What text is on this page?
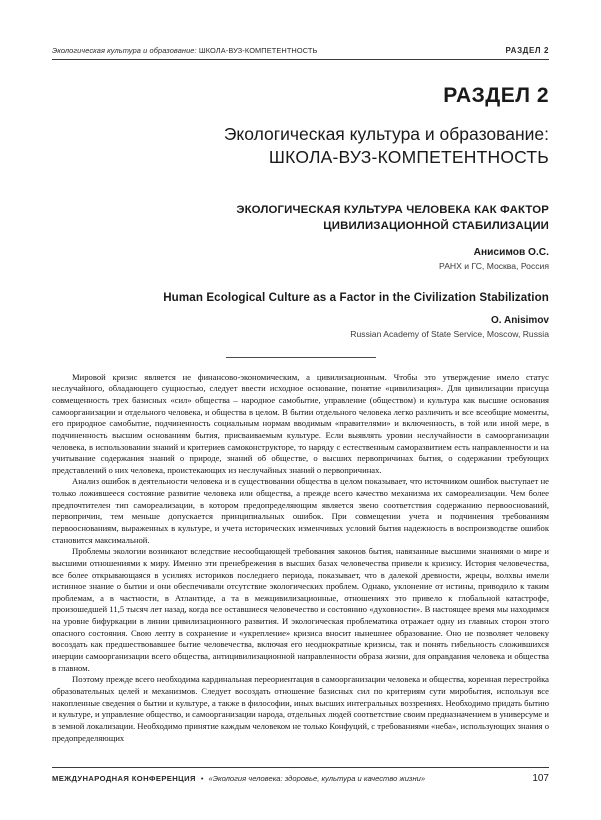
Экологическая культура и образование: ШКОЛА-ВУЗ-КОМПЕТЕНТНОСТЬ	РАЗДЕЛ 2
РАЗДЕЛ 2
Экологическая культура и образование:
ШКОЛА-ВУЗ-КОМПЕТЕНТНОСТЬ
ЭКОЛОГИЧЕСКАЯ КУЛЬТУРА ЧЕЛОВЕКА КАК ФАКТОР
ЦИВИЛИЗАЦИОННОЙ СТАБИЛИЗАЦИИ
Анисимов О.С.
РАНХ и ГС, Москва, Россия
Human Ecological Culture as a Factor in the Civilization Stabilization
O. Anisimov
Russian Academy of State Service, Moscow, Russia

Мировой кризис является не финансово-экономическим, а цивилизационным. Чтобы это утверждение имело статус неслучайного, обладающего сущностью, следует ввести исходное основание, понятие «цивилизация». Для цивилизации присуща совмещенность трех базисных «сил» общества – народное самобытие, управление (обществом) и культура как высшие основания самоорганизации и отдельного человека, и общества в целом. В бытии отдельного человека легко различить и все всеобщие моменты, его природное самобытие, подчиненность социальным нормам вводимым «правителями» и включенность, в той или иной мере, в подчиненность высшим основаниям бытия, присваиваемым культуре. Если выявлять уровни неслучайности в самоорганизации человека, в использовании знаний и критериев самоконструкторе, то наряду с естественным саморазвитием есть направленности и на учитывание содержания знаний о природе, знаний об обществе, о высших первопричинах бытия, о содержании требующих представлений о них человека, проистекающих из неслучайных знаний о первопричинах.

Анализ ошибок в деятельности человека и в существовании общества в целом показывает, что источником ошибок выступает не только ложившееся состояние развитие человека или общества, а прежде всего качество механизма их самореализации. Чем более предпочтителен тип самореализации, в котором предопределяющим является звено соответствия содержанию первооснований, первопричин, тем меньше допускается принципиальных ошибок. При совмещении учета и подчинения требованиям первооснованиям, выраженных в культуре, и учета исторических изменчивых условий бытия надежность в воспроизводстве ошибок становится максимальной.

Проблемы экологии возникают вследствие несообщающей требования законов бытия, навязанные высшими знаниями о мире и высшими отношениями к миру. Именно эти пренебрежения в высших базах человечества привели к кризису. История человечества, все более открывающаяся в усилиях историков последнего периода, показывает, что в далекой древности, жрецы, волхвы имели истинное знание о бытии и они обеспечивали отсутствие экологических проблем. Однако, уклонение от истины, приводило к таким проблемам, а в частности, в Атлантиде, а та в межцивилизационные, отношениях это привело к глобальной катастрофе, произошедшей 11,5 тысяч лет назад, когда все оставшиеся человечество и состоянию «духовности». В настоящее время мы находимся на уровне бифуркации в линии цивилизационного развития. И экологическая проблематика отражает одну из главных сторон этого опасного состояния. Свою лепту в сохранение и «укрепление» кризиса вносит нынешнее образование. Оно не позволяет человеку восоздать как предшествовавшее бытие человечества, включая его неоднократные кризисы, так и понять гибельность сложившихся инерции самоорганизации всего общества, антицивилизационной направленности образа жизни, для оправдания человека и общества в главном.

Поэтому прежде всего необходима кардинальная переориентация в самоорганизации человека и общества, коренная перестройка образовательных целей и механизмов. Следует восоздать отношение базисных сил по критериям сути миробытия, используя все накопленные сведения о бытии и культуре, а также в философии, иных высших интегральных воззрениях. Необходимо придать бытию и культуре, и управление общество, и самоорганизации народа, отдельных людей соответствие своим предназначением в универсуме и в земной локализации. Необходимо принятие каждым человеком не только Конфуций, с требованиями «неба», использующих знания о предопределяющих

МЕЖДУНАРОДНАЯ КОНФЕРЕНЦИЯ • «Экология человека: здоровье, культура и качество жизни»	107
